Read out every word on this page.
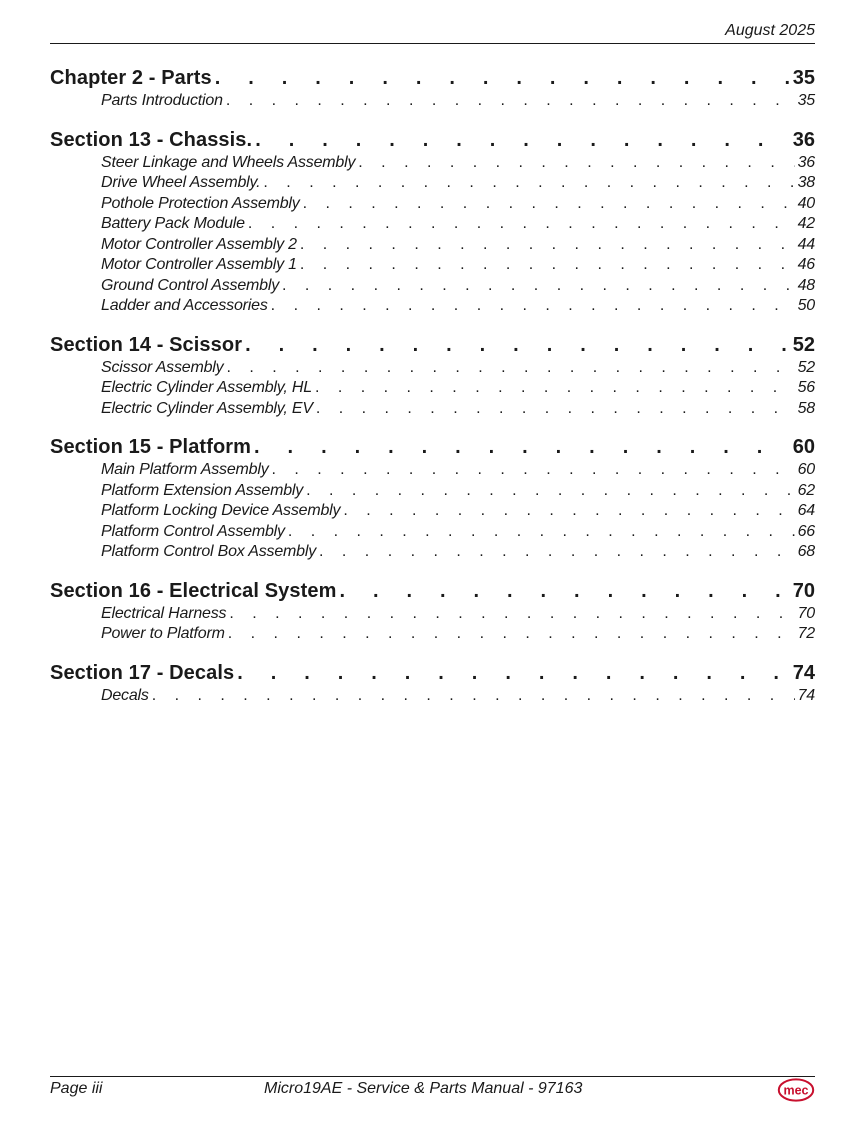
August 2025
Chapter 2 - Parts . . .	35
Parts Introduction . . .	35
Section 13 - Chassis. . . .	36
Steer Linkage and Wheels Assembly . . .	36
Drive Wheel Assembly. . . .	38
Pothole Protection Assembly . . .	40
Battery Pack Module . . .	42
Motor Controller Assembly 2 . . .	44
Motor Controller Assembly 1 . . .	46
Ground Control Assembly . . .	48
Ladder and Accessories . . .	50
Section 14 - Scissor . . .	52
Scissor Assembly . . .	52
Electric Cylinder Assembly, HL . . .	56
Electric Cylinder Assembly, EV . . .	58
Section 15 - Platform . . .	60
Main Platform Assembly . . .	60
Platform Extension Assembly . . .	62
Platform Locking Device Assembly . . .	64
Platform Control Assembly . . .	66
Platform Control Box Assembly . . .	68
Section 16 - Electrical System . . .	70
Electrical Harness . . .	70
Power to Platform . . .	72
Section 17 - Decals . . .	74
Decals . . .	74
Page iii	Micro19AE - Service & Parts Manual - 97163	mec
